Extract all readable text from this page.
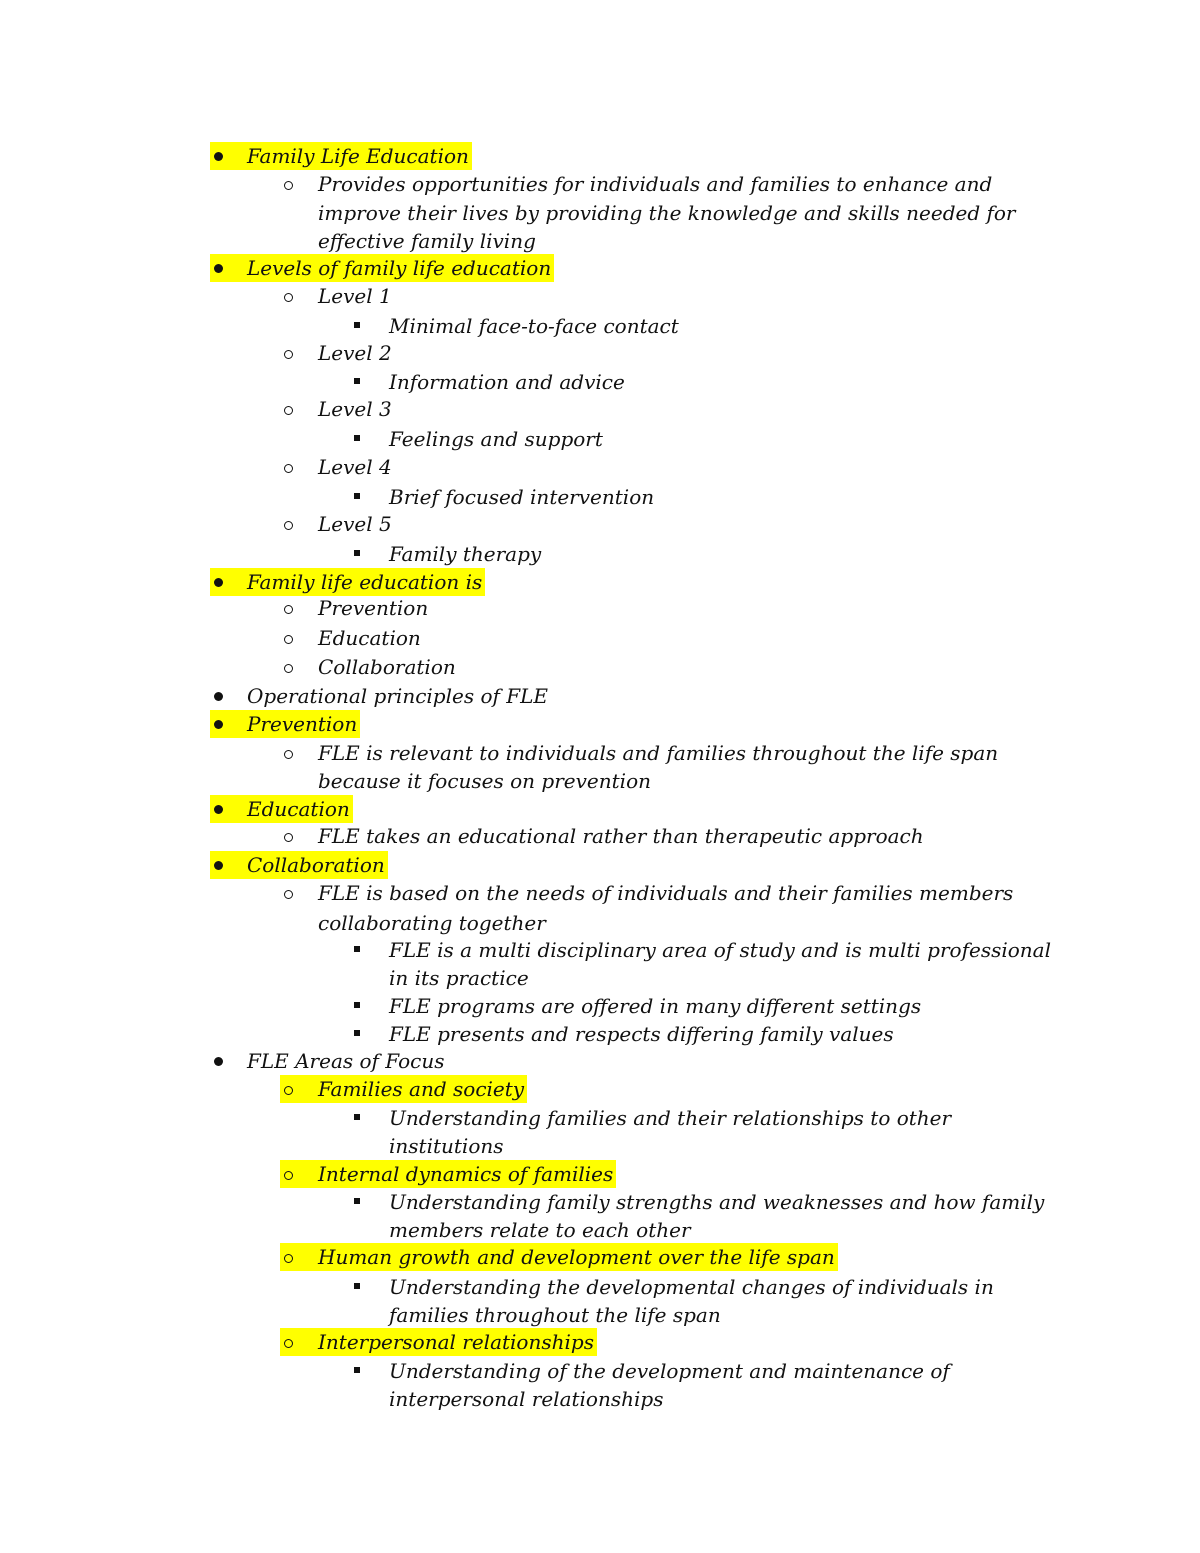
Family Life Education
Provides opportunities for individuals and families to enhance and
improve their lives by providing the knowledge and skills needed for
effective family living
Levels of family life education
Level 1
Minimal face-to-face contact
Level 2
Information and advice
Level 3
Feelings and support
Level 4
Brief focused intervention
Level 5
Family therapy
Family life education is
Prevention
Education
Collaboration
Operational principles of FLE
Prevention
FLE is relevant to individuals and families throughout the life span
because it focuses on prevention
Education
FLE takes an educational rather than therapeutic approach
Collaboration
FLE is based on the needs of individuals and their families members
collaborating together
FLE is a multi disciplinary area of study and is multi professional
in its practice
FLE programs are offered in many different settings
FLE presents and respects differing family values
FLE Areas of Focus
Families and society
Understanding families and their relationships to other
institutions
Internal dynamics of families
Understanding family strengths and weaknesses and how family
members relate to each other
Human growth and development over the life span
Understanding the developmental changes of individuals in
families throughout the life span
Interpersonal relationships
Understanding of the development and maintenance of
interpersonal relationships
